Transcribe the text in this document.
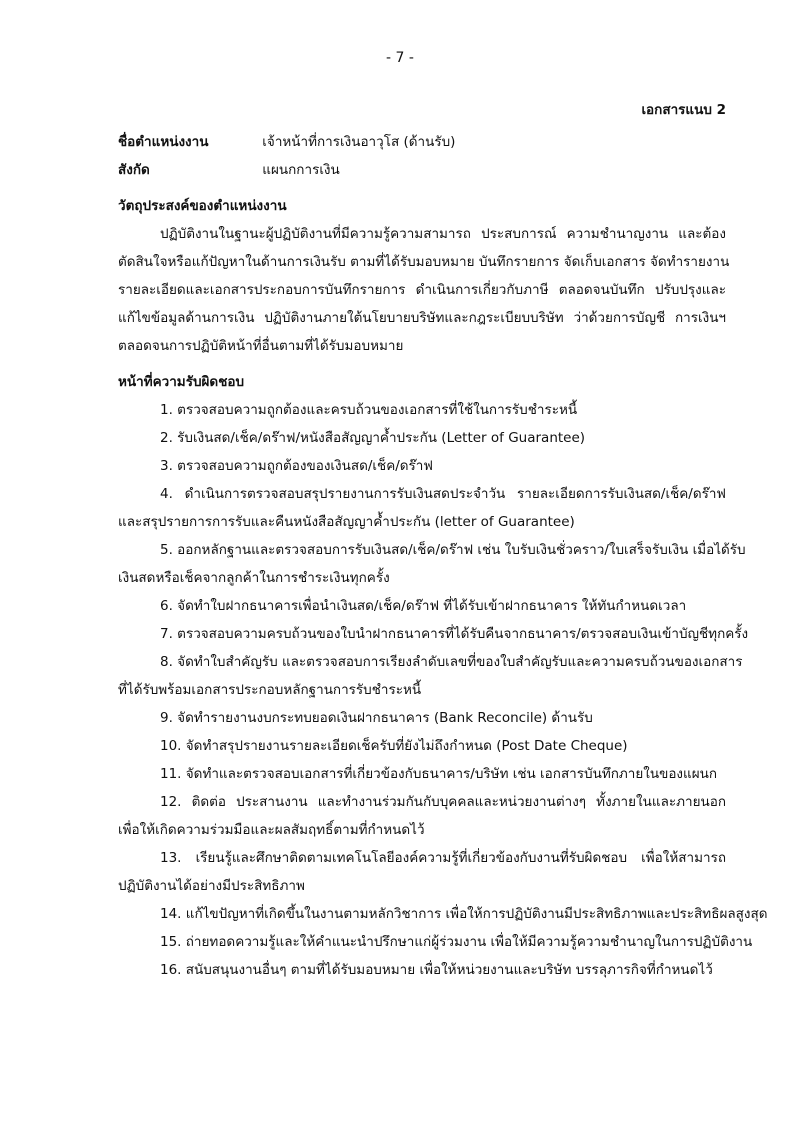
- 7 -
เอกสารแนบ 2
ชื่อตำแหน่งงาน	เจ้าหน้าที่การเงินอาวุโส (ด้านรับ)
สังกัด	แผนกการเงิน
วัตถุประสงค์ของตำแหน่งงาน
ปฏิบัติงานในฐานะผู้ปฏิบัติงานที่มีความรู้ความสามารถ ประสบการณ์ ความชำนาญงาน และต้อง
ตัดสินใจหรือแก้ปัญหาในด้านการเงินรับ ตามที่ได้รับมอบหมาย บันทึกรายการ จัดเก็บเอกสาร จัดทำรายงาน
รายละเอียดและเอกสารประกอบการบันทึกรายการ ดำเนินการเกี่ยวกับภาษี ตลอดจนบันทึก ปรับปรุงและ
แก้ไขข้อมูลด้านการเงิน ปฏิบัติงานภายใต้นโยบายบริษัทและกฎระเบียบบริษัท ว่าด้วยการบัญชี การเงินฯ
ตลอดจนการปฏิบัติหน้าที่อื่นตามที่ได้รับมอบหมาย
หน้าที่ความรับผิดชอบ
1. ตรวจสอบความถูกต้องและครบถ้วนของเอกสารที่ใช้ในการรับชำระหนี้
2. รับเงินสด/เช็ค/ดร๊าฟ/หนังสือสัญญาค้ำประกัน (Letter of Guarantee)
3. ตรวจสอบความถูกต้องของเงินสด/เช็ค/ดร๊าฟ
4. ดำเนินการตรวจสอบสรุปรายงานการรับเงินสดประจำวัน รายละเอียดการรับเงินสด/เช็ค/ดร๊าฟ
และสรุปรายการการรับและคืนหนังสือสัญญาค้ำประกัน (letter of Guarantee)
5. ออกหลักฐานและตรวจสอบการรับเงินสด/เช็ค/ดร๊าฟ เช่น ใบรับเงินชั่วคราว/ใบเสร็จรับเงิน เมื่อได้รับ
เงินสดหรือเช็คจากลูกค้าในการชำระเงินทุกครั้ง
6. จัดทำใบฝากธนาคารเพื่อนำเงินสด/เช็ค/ดร๊าฟ ที่ได้รับเข้าฝากธนาคาร ให้ทันกำหนดเวลา
7. ตรวจสอบความครบถ้วนของใบนำฝากธนาคารที่ได้รับคืนจากธนาคาร/ตรวจสอบเงินเข้าบัญชีทุกครั้ง
8. จัดทำใบสำคัญรับ และตรวจสอบการเรียงลำดับเลขที่ของใบสำคัญรับและความครบถ้วนของเอกสาร
ที่ได้รับพร้อมเอกสารประกอบหลักฐานการรับชำระหนี้
9. จัดทำรายงานงบกระทบยอดเงินฝากธนาคาร (Bank Reconcile) ด้านรับ
10. จัดทำสรุปรายงานรายละเอียดเช็ครับที่ยังไม่ถึงกำหนด (Post Date Cheque)
11. จัดทำและตรวจสอบเอกสารที่เกี่ยวข้องกับธนาคาร/บริษัท เช่น เอกสารบันทึกภายในของแผนก
12. ติดต่อ ประสานงาน และทำงานร่วมกันกับบุคคลและหน่วยงานต่างๆ ทั้งภายในและภายนอก
เพื่อให้เกิดความร่วมมือและผลสัมฤทธิ์ตามที่กำหนดไว้
13. เรียนรู้และศึกษาติดตามเทคโนโลยีองค์ความรู้ที่เกี่ยวข้องกับงานที่รับผิดชอบ เพื่อให้สามารถ
ปฏิบัติงานได้อย่างมีประสิทธิภาพ
14. แก้ไขปัญหาที่เกิดขึ้นในงานตามหลักวิชาการ เพื่อให้การปฏิบัติงานมีประสิทธิภาพและประสิทธิผลสูงสุด
15. ถ่ายทอดความรู้และให้คำแนะนำปรึกษาแก่ผู้ร่วมงาน เพื่อให้มีความรู้ความชำนาญในการปฏิบัติงาน
16. สนับสนุนงานอื่นๆ ตามที่ได้รับมอบหมาย เพื่อให้หน่วยงานและบริษัท บรรลุภารกิจที่กำหนดไว้
